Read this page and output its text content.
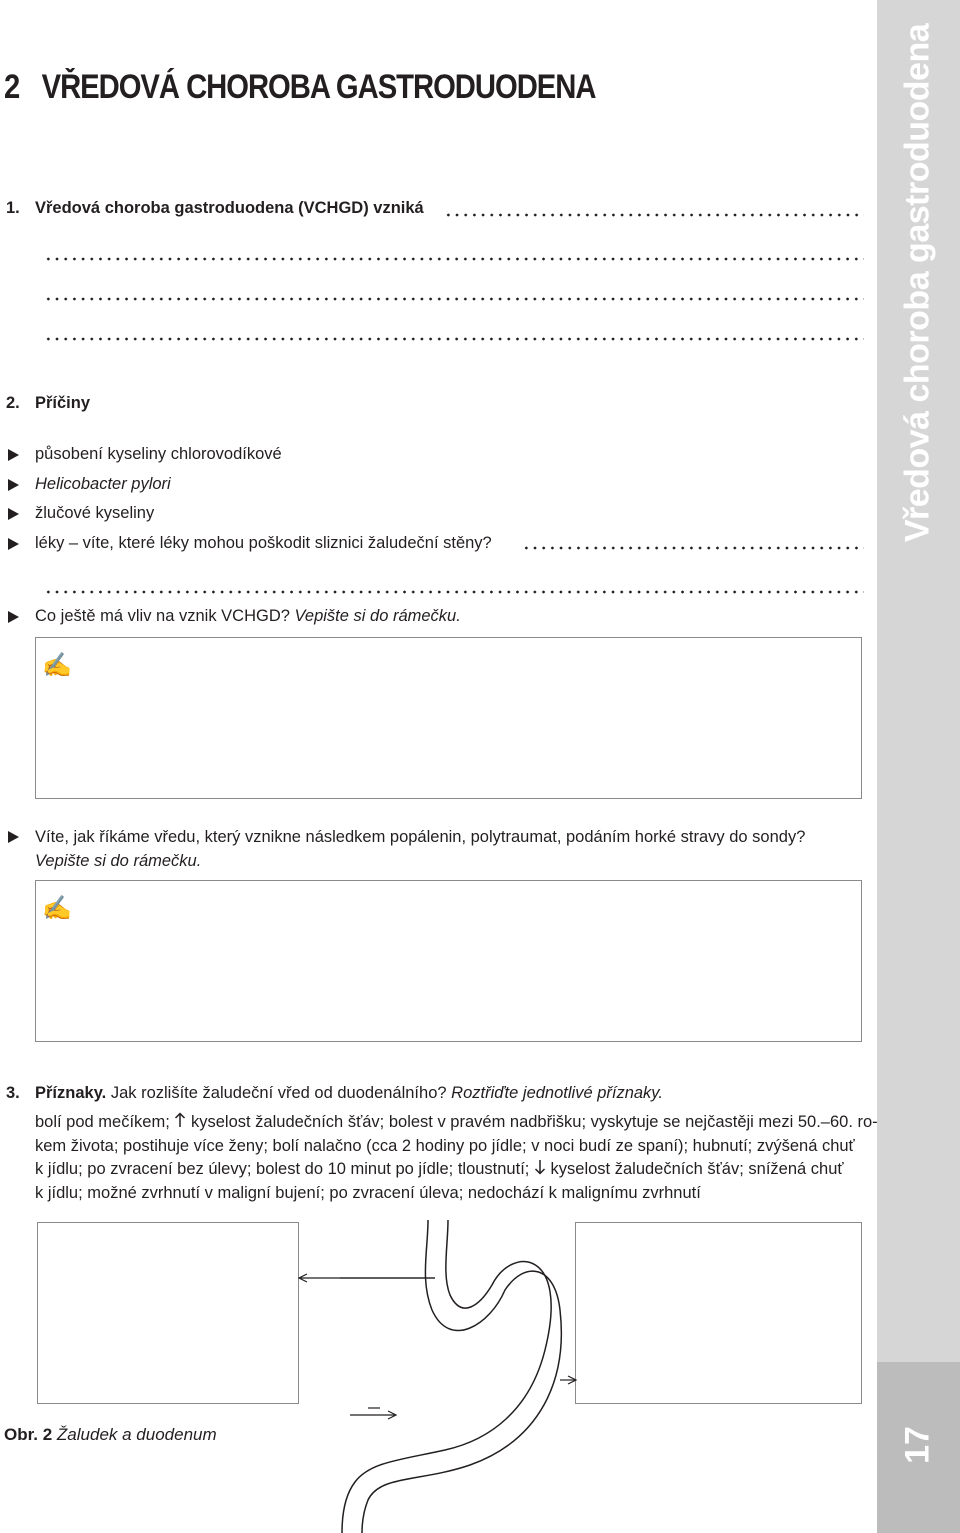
Vředová choroba gastroduodena
17
2 VŘEDOVÁ CHOROBA GASTRODUODENA
1. Vředová choroba gastroduodena (VCHGD) vzniká
2. Příčiny
působení kyseliny chlorovodíkové
Helicobacter pylori
žlučové kyseliny
léky – víte, které léky mohou poškodit sliznici žaludeční stěny?
Co ještě má vliv na vznik VCHGD? Vepište si do rámečku.
✍
Víte, jak říkáme vředu, který vznikne následkem popálenin, polytraumat, podáním horké stravy do sondy?
Vepište si do rámečku.
✍
3. Příznaky. Jak rozlišíte žaludeční vřed od duodenálního? Roztřiďte jednotlivé příznaky.

bolí pod mečíkem;  kyselost žaludečních šťáv; bolest v pravém nadbřišku; vyskytuje se nejčastěji mezi 50.–60. ro-

kem života; postihuje více ženy; bolí nalačno (cca 2 hodiny po jídle; v noci budí ze spaní); hubnutí; zvýšená chuť

k jídlu; po zvracení bez úlevy; bolest do 10 minut po jídle; tloustnutí;  kyselost žaludečních šťáv; snížená chuť

k jídlu; možné zvrhnutí v maligní bujení; po zvracení úleva; nedochází k malignímu zvrhnutí

Obr. 2 Žaludek a duodenum
